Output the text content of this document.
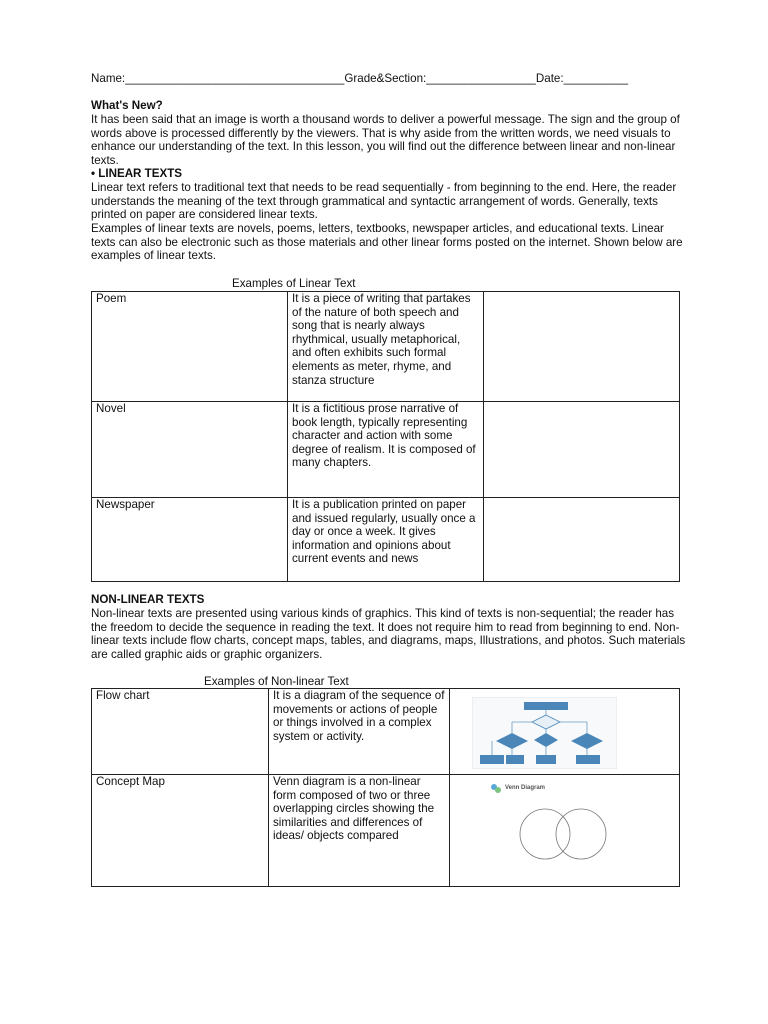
Name:__________________________________Grade&Section:_________________Date:__________
What's New?
It has been said that an image is worth a thousand words to deliver a powerful message. The sign and the group of words above is processed differently by the viewers. That is why aside from the written words, we need visuals to enhance our understanding of the text. In this lesson, you will find out the difference between linear and non-linear texts.
• LINEAR TEXTS
Linear text refers to traditional text that needs to be read sequentially - from beginning to the end. Here, the reader understands the meaning of the text through grammatical and syntactic arrangement of words. Generally, texts printed on paper are considered linear texts.
Examples of linear texts are novels, poems, letters, textbooks, newspaper articles, and educational texts. Linear texts can also be electronic such as those materials and other linear forms posted on the internet. Shown below are examples of linear texts.
Examples of Linear Text
Poem	It is a piece of writing that partakes of the nature of both speech and song that is nearly always rhythmical, usually metaphorical, and often exhibits such formal elements as meter, rhyme, and stanza structure	
Novel	It is a fictitious prose narrative of book length, typically representing character and action with some degree of realism. It is composed of many chapters.	
Newspaper	It is a publication printed on paper and issued regularly, usually once a day or once a week. It gives information and opinions about current events and news	
NON-LINEAR TEXTS
Non-linear texts are presented using various kinds of graphics. This kind of texts is non-sequential; the reader has the freedom to decide the sequence in reading the text. It does not require him to read from beginning to end. Non-linear texts include flow charts, concept maps, tables, and diagrams, maps, Illustrations, and photos. Such materials are called graphic aids or graphic organizers.
Examples of Non-linear Text
Flow chart	It is a diagram of the sequence of movements or actions of people or things involved in a complex system or activity.	
Concept Map	Venn diagram is a non-linear form composed of two or three overlapping circles showing the similarities and differences of ideas/ objects compared	
Venn Diagram
